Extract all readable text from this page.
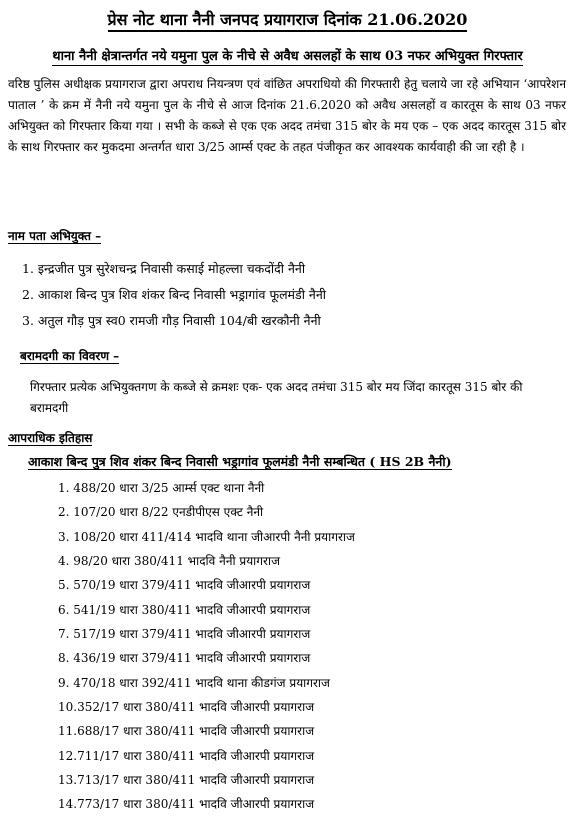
प्रेस नोट थाना नैनी जनपद प्रयागराज दिनांक 21.06.2020
थाना नैनी क्षेत्रान्तर्गत नये यमुना पुल के नीचे से अवैध असलहों के साथ 03 नफर अभियुक्त गिरफ्तार

वरिष्ठ पुलिस अधीक्षक प्रयागराज द्वारा अपराध नियन्त्रण एवं वांछित अपराधियो की गिरफ्तारी हेतु चलाये जा रहे अभियान ‘आपरेशन पाताल ’ के क्रम में नैनी नये यमुना पुल के नीचे से आज दिनांक 21.6.2020 को अवैध असलहों व कारतूस के साथ 03 नफर अभियुक्त को गिरफ्तार किया गया । सभी के कब्जे से एक एक अदद तमंचा 315 बोर के मय एक – एक अदद कारतूस 315 बोर के साथ गिरफ्तार कर मुकदमा अन्तर्गत धारा 3/25 आर्म्स एक्ट के तहत पंजीकृत कर आवश्यक कार्यवाही की जा रही है ।

नाम पता अभियुक्त –
1. इन्द्रजीत पुत्र सुरेशचन्द्र निवासी कसाई मोहल्ला चकदोंदी नैनी
2. आकाश बिन्द पुत्र शिव शंकर बिन्द निवासी भड्रागांव फूलमंडी नैनी
3. अतुल गौड़ पुत्र स्व0 रामजी गौड़ निवासी 104/बी खरकौनी नैनी
बरामदगी का विवरण –

गिरफ्तार प्रत्येक अभियुक्तगण के कब्जे से क्रमशः एक- एक अदद तमंचा 315 बोर मय जिंदा कारतूस 315 बोर की बरामदगी

आपराधिक इतिहास
आकाश बिन्द पुत्र शिव शंकर बिन्द निवासी भड्रागांव फूलमंडी नैनी सम्बन्धित ( HS 2B नैनी)
1. 488/20 धारा 3/25 आर्म्स एक्ट थाना नैनी
2. 107/20 धारा 8/22 एनडीपीएस एक्ट नैनी
3. 108/20 धारा 411/414 भादवि थाना जीआरपी नैनी प्रयागराज
4. 98/20 धारा 380/411 भादवि नैनी प्रयागराज
5. 570/19 धारा 379/411 भादवि जीआरपी प्रयागराज
6. 541/19 धारा 380/411 भादवि जीआरपी प्रयागराज
7. 517/19 धारा 379/411 भादवि जीआरपी प्रयागराज
8. 436/19 धारा 379/411 भादवि जीआरपी प्रयागराज
9. 470/18 धारा 392/411 भादवि थाना कीडगंज प्रयागराज
10.352/17 धारा 380/411 भादवि जीआरपी प्रयागराज
11.688/17 धारा 380/411 भादवि जीआरपी प्रयागराज
12.711/17 धारा 380/411 भादवि जीआरपी प्रयागराज
13.713/17 धारा 380/411 भादवि जीआरपी प्रयागराज
14.773/17 धारा 380/411 भादवि जीआरपी प्रयागराज
